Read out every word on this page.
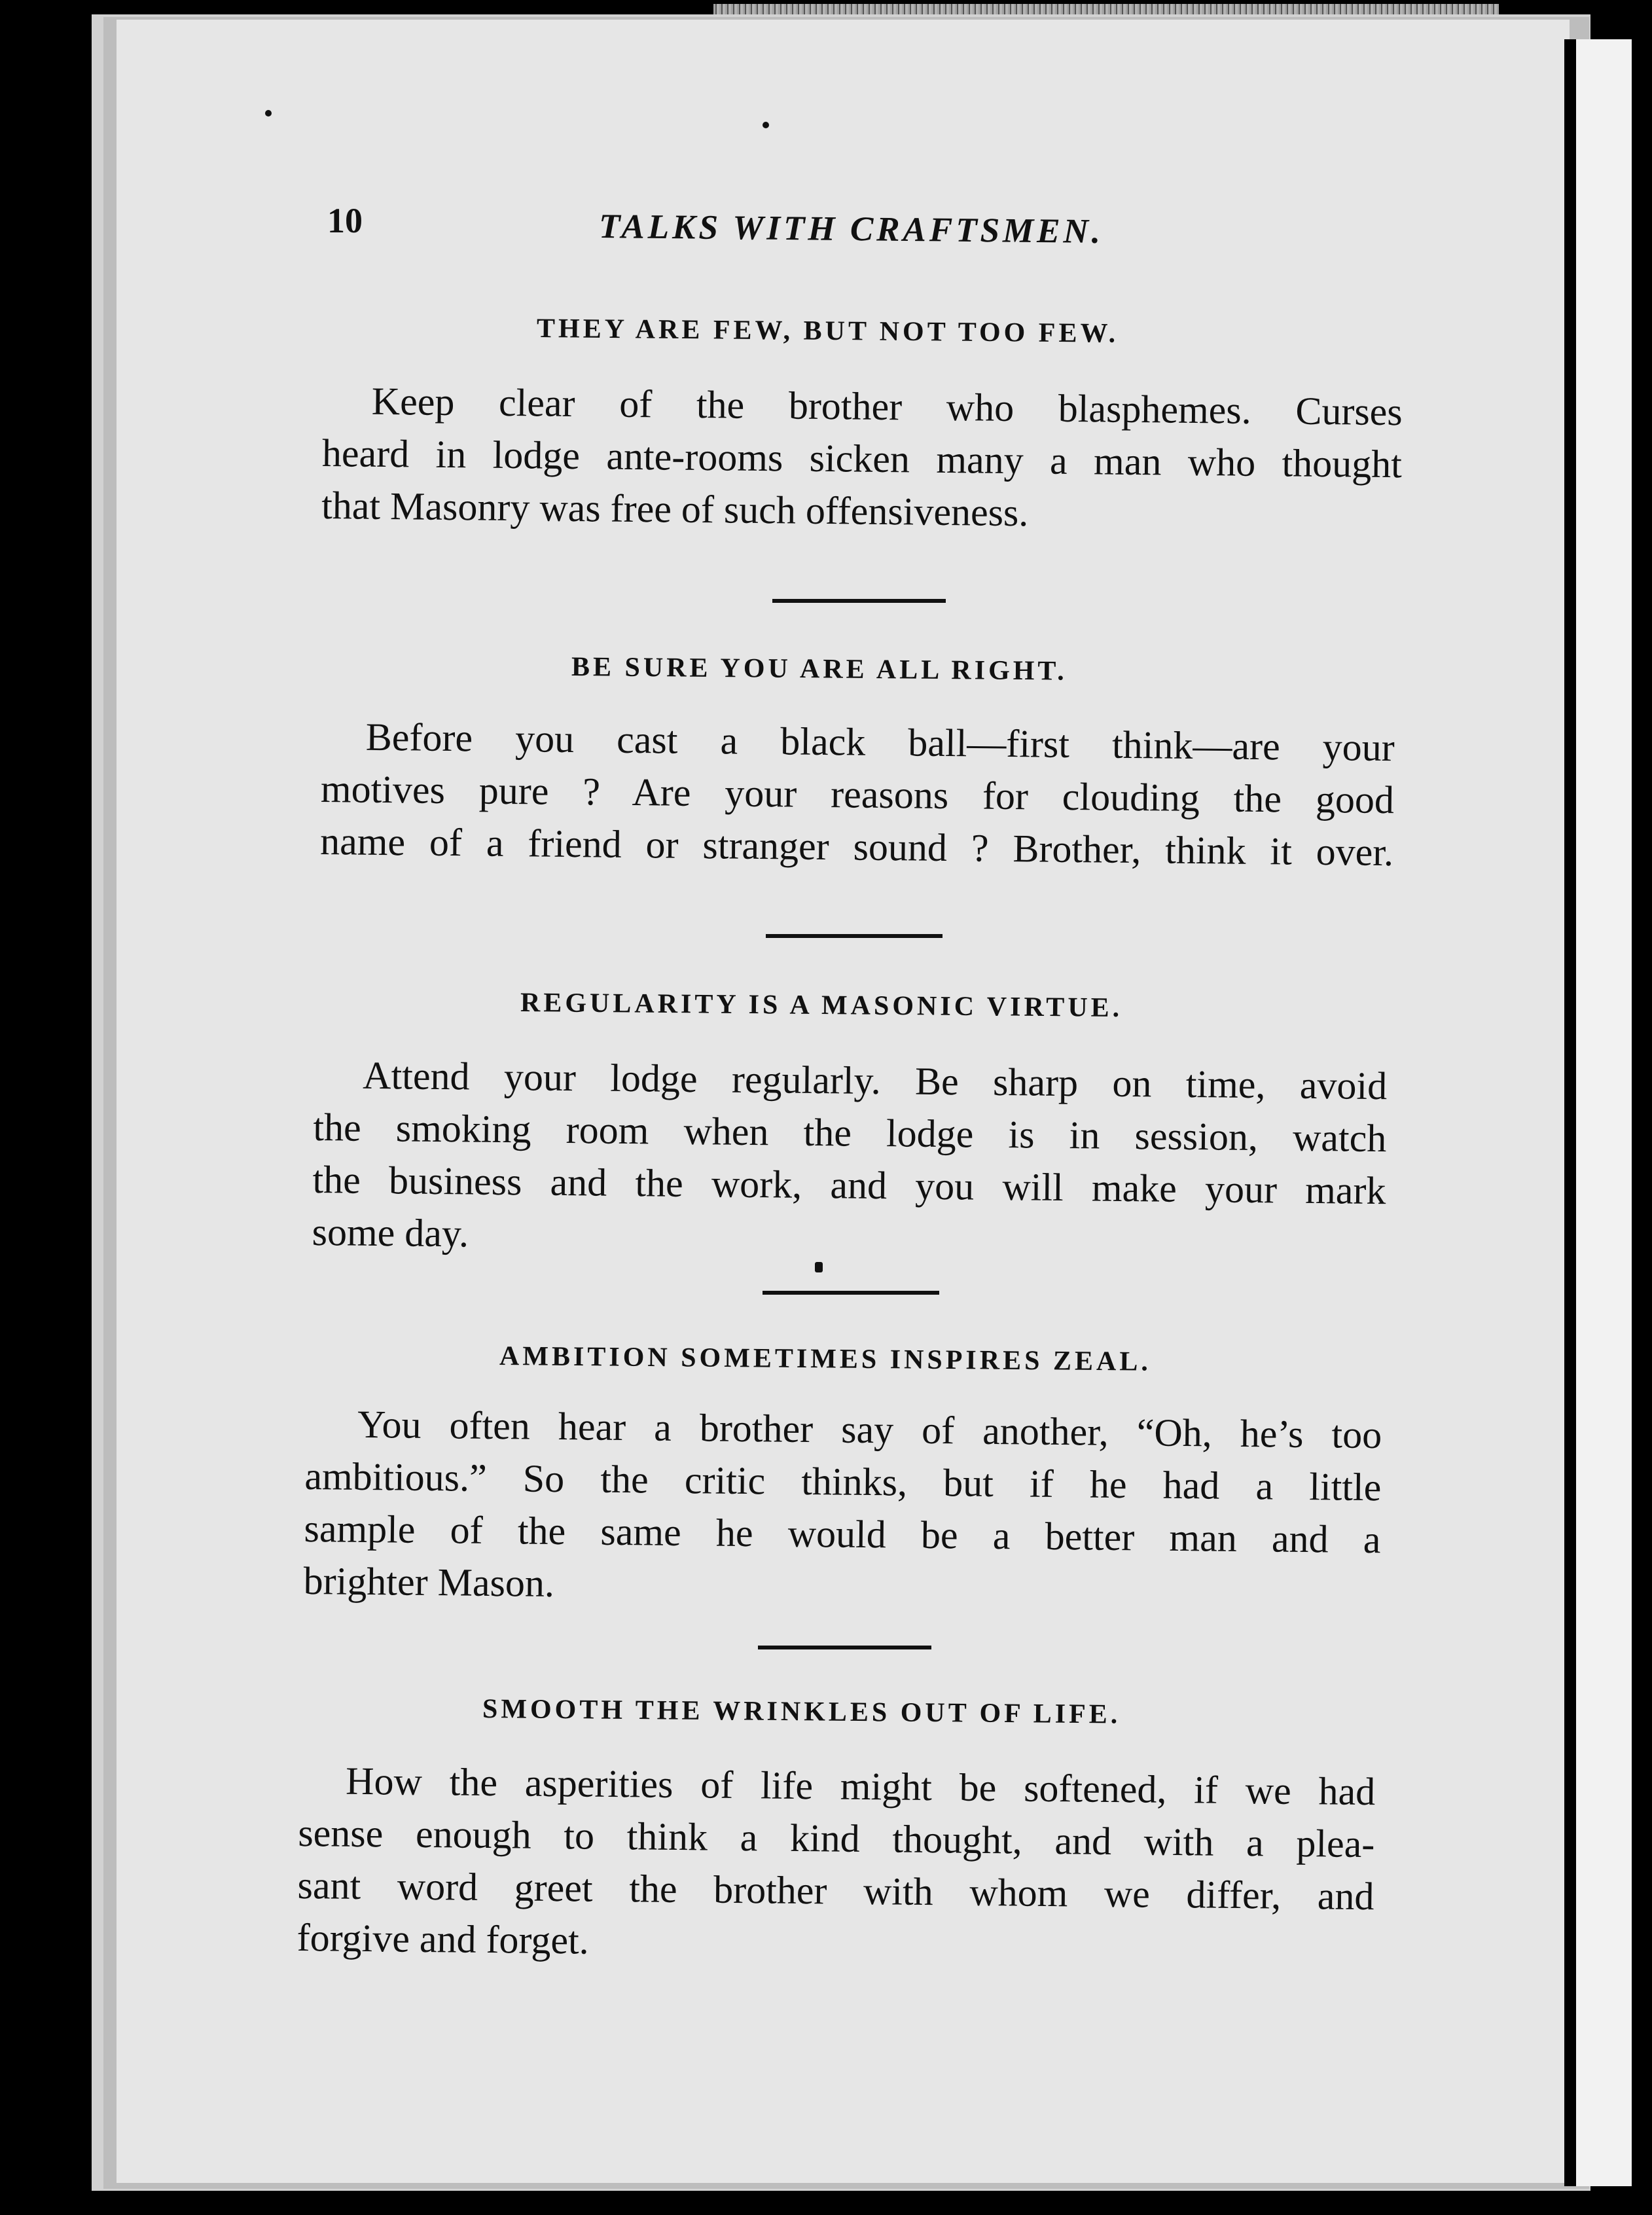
10	TALKS WITH CRAFTSMEN.
THEY ARE FEW, BUT NOT TOO FEW.
Keep clear of the brother who blasphemes. Curses
heard in lodge ante-rooms sicken many a man who thought
that Masonry was free of such offensiveness.
BE SURE YOU ARE ALL RIGHT.
Before you cast a black ball—first think—are your
motives pure ? Are your reasons for clouding the good
name of a friend or stranger sound ? Brother, think it over.
REGULARITY IS A MASONIC VIRTUE.
Attend your lodge regularly. Be sharp on time, avoid
the smoking room when the lodge is in session, watch
the business and the work, and you will make your mark
some day.
AMBITION SOMETIMES INSPIRES ZEAL.
You often hear a brother say of another, “Oh, he’s too
ambitious.” So the critic thinks, but if he had a little
sample of the same he would be a better man and a
brighter Mason.
SMOOTH THE WRINKLES OUT OF LIFE.
How the asperities of life might be softened, if we had
sense enough to think a kind thought, and with a plea-
sant word greet the brother with whom we differ, and
forgive and forget.
